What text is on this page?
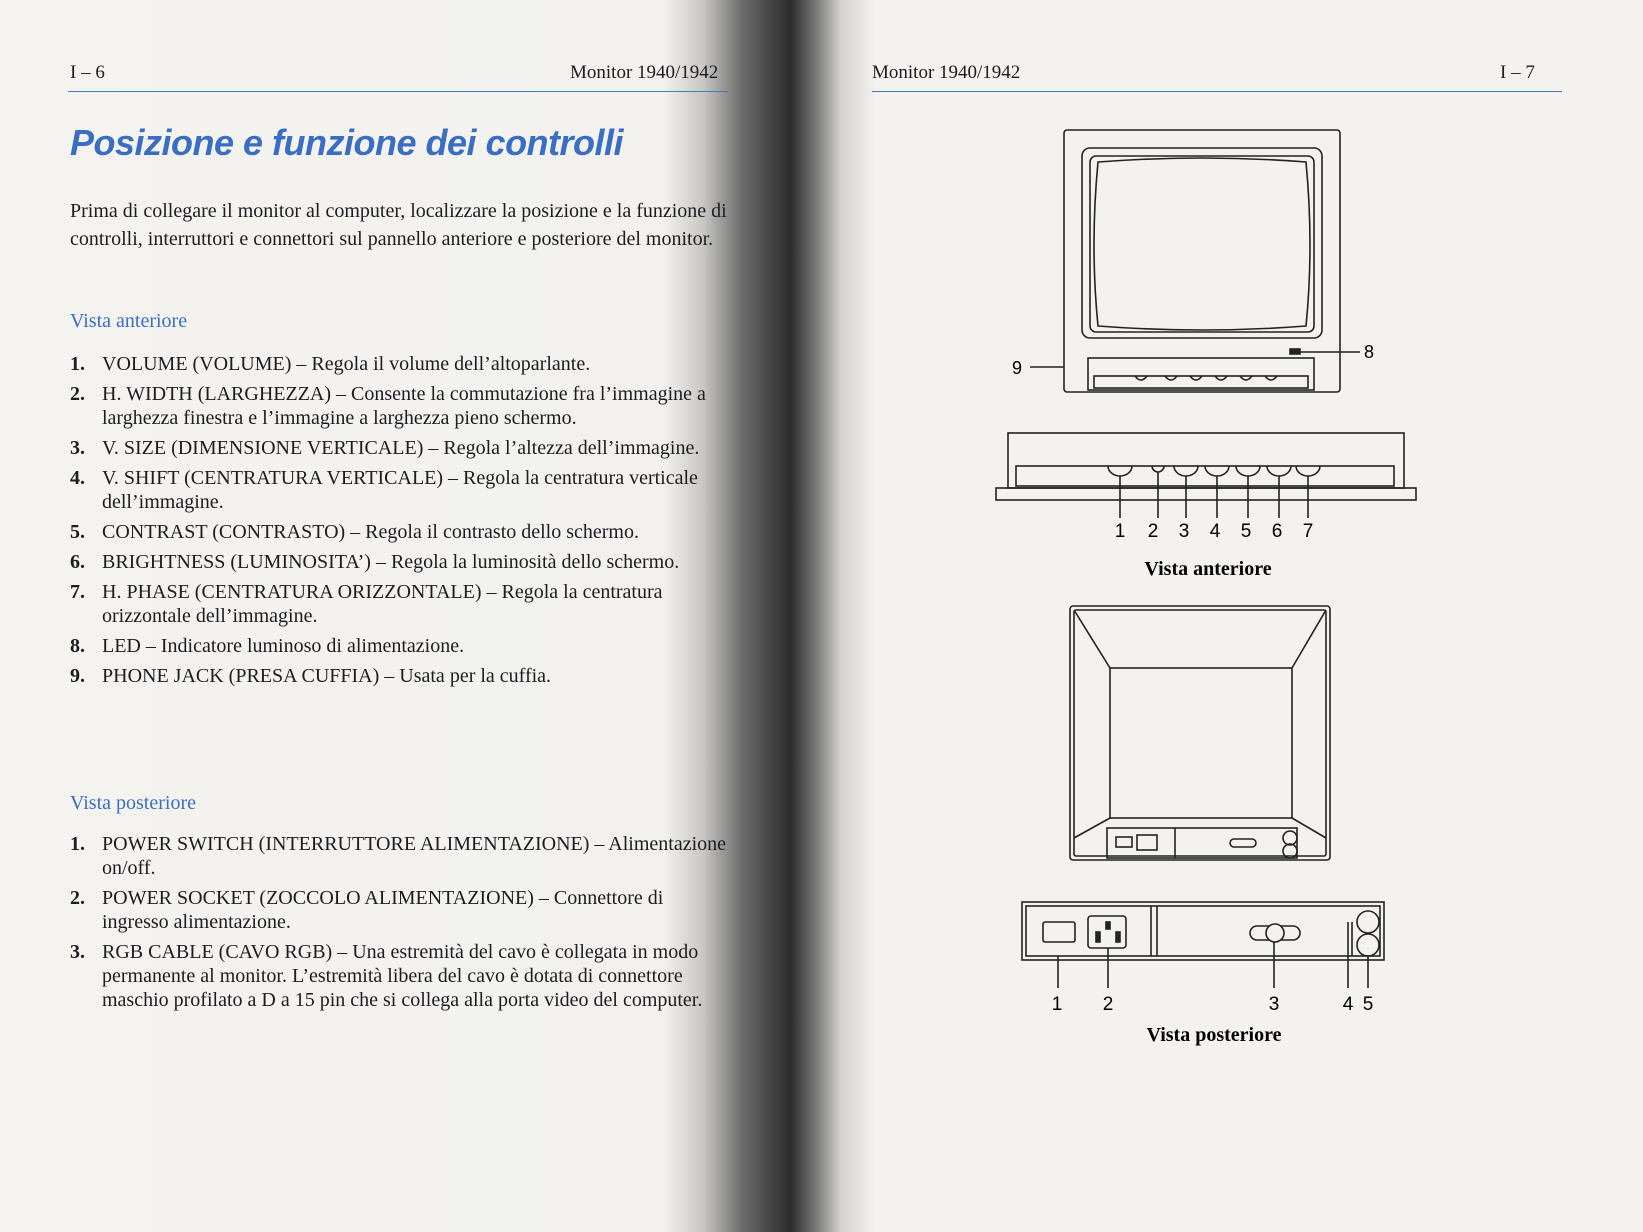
I – 6	Monitor 1940/1942
Posizione e funzione dei controlli

Prima di collegare il monitor al computer, localizzare la posizione e la funzione di controlli, interruttori e connettori sul pannello anteriore e posteriore del monitor.

Vista anteriore
1. VOLUME (VOLUME) – Regola il volume dell’altoparlante.
2. H. WIDTH (LARGHEZZA) – Consente la commutazione fra l’immagine a larghezza finestra e l’immagine a larghezza pieno schermo.
3. V. SIZE (DIMENSIONE VERTICALE) – Regola l’altezza dell’immagine.
4. V. SHIFT (CENTRATURA VERTICALE) – Regola la centratura verticale dell’immagine.
5. CONTRAST (CONTRASTO) – Regola il contrasto dello schermo.
6. BRIGHTNESS (LUMINOSITA’) – Regola la luminosità dello schermo.
7. H. PHASE (CENTRATURA ORIZZONTALE) – Regola la centratura orizzontale dell’immagine.
8. LED – Indicatore luminoso di alimentazione.
9. PHONE JACK (PRESA CUFFIA) – Usata per la cuffia.
Vista posteriore
1. POWER SWITCH (INTERRUTTORE ALIMENTAZIONE) – Alimentazione on/off.
2. POWER SOCKET (ZOCCOLO ALIMENTAZIONE) – Connettore di ingresso alimentazione.
3. RGB CABLE (CAVO RGB) – Una estremità del cavo è collegata in modo permanente al monitor. L’estremità libera del cavo è dotata di connettore maschio profilato a D a 15 pin che si collega alla porta video del computer.
Monitor 1940/1942	I – 7
9
8
1 2 3 4 5 6 7
Vista anteriore
1 2	3	4 5
Vista posteriore
